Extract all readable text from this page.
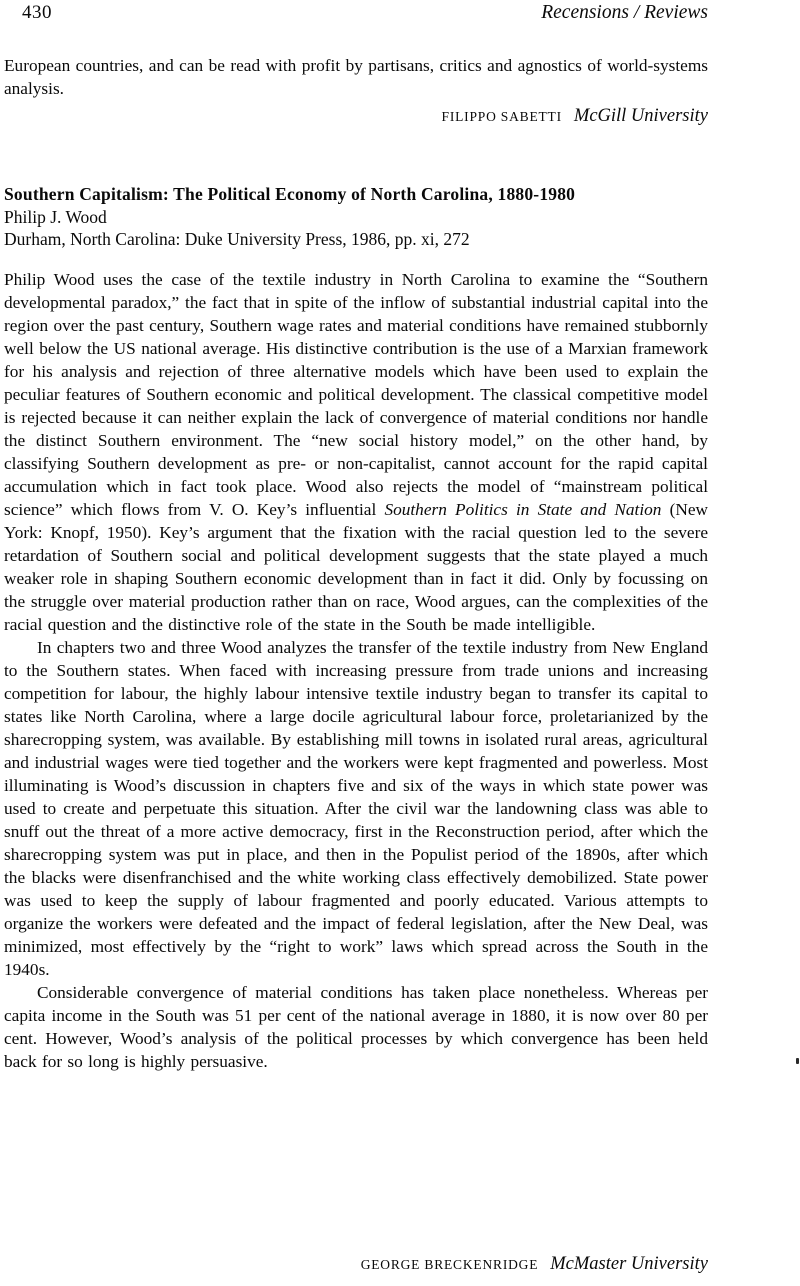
430	Recensions / Reviews

European countries, and can be read with profit by partisans, critics and agnostics of world-systems analysis.

FILIPPO SABETTI McGill University

Southern Capitalism: The Political Economy of North Carolina, 1880-1980

Philip J. Wood

Durham, North Carolina: Duke University Press, 1986, pp. xi, 272

Philip Wood uses the case of the textile industry in North Carolina to examine the “Southern developmental paradox,” the fact that in spite of the inflow of substantial industrial capital into the region over the past century, Southern wage rates and material conditions have remained stubbornly well below the US national average. His distinctive contribution is the use of a Marxian framework for his analysis and rejection of three alternative models which have been used to explain the peculiar features of Southern economic and political development. The classical competitive model is rejected because it can neither explain the lack of convergence of material conditions nor handle the distinct Southern environment. The “new social history model,” on the other hand, by classifying Southern development as pre- or non-capitalist, cannot account for the rapid capital accumulation which in fact took place. Wood also rejects the model of “mainstream political science” which flows from V. O. Key’s influential Southern Politics in State and Nation (New York: Knopf, 1950). Key’s argument that the fixation with the racial question led to the severe retardation of Southern social and political development suggests that the state played a much weaker role in shaping Southern economic development than in fact it did. Only by focussing on the struggle over material production rather than on race, Wood argues, can the complexities of the racial question and the distinctive role of the state in the South be made intelligible.

In chapters two and three Wood analyzes the transfer of the textile industry from New England to the Southern states. When faced with increasing pressure from trade unions and increasing competition for labour, the highly labour intensive textile industry began to transfer its capital to states like North Carolina, where a large docile agricultural labour force, proletarianized by the sharecropping system, was available. By establishing mill towns in isolated rural areas, agricultural and industrial wages were tied together and the workers were kept fragmented and powerless. Most illuminating is Wood’s discussion in chapters five and six of the ways in which state power was used to create and perpetuate this situation. After the civil war the landowning class was able to snuff out the threat of a more active democracy, first in the Reconstruction period, after which the sharecropping system was put in place, and then in the Populist period of the 1890s, after which the blacks were disenfranchised and the white working class effectively demobilized. State power was used to keep the supply of labour fragmented and poorly educated. Various attempts to organize the workers were defeated and the impact of federal legislation, after the New Deal, was minimized, most effectively by the “right to work” laws which spread across the South in the 1940s.

Considerable convergence of material conditions has taken place nonetheless. Whereas per capita income in the South was 51 per cent of the national average in 1880, it is now over 80 per cent. However, Wood’s analysis of the political processes by which convergence has been held back for so long is highly persuasive.

GEORGE BRECKENRIDGE McMaster University
